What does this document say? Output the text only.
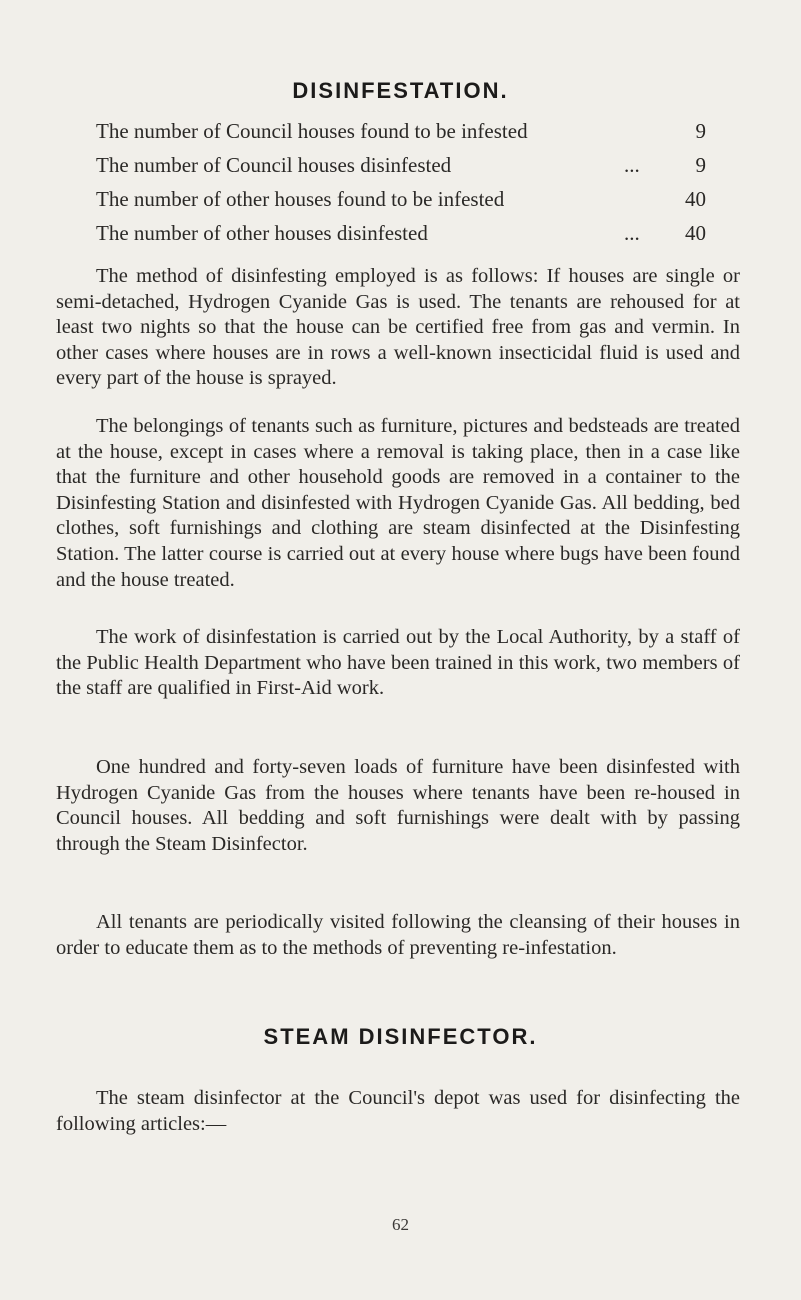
DISINFESTATION.
The number of Council houses found to be infested	9
The number of Council houses disinfested	...	9
The number of other houses found to be infested	40
The number of other houses disinfested	...	40

The method of disinfesting employed is as follows: If houses are single or semi-detached, Hydrogen Cyanide Gas is used. The tenants are rehoused for at least two nights so that the house can be certified free from gas and vermin. In other cases where houses are in rows a well-known insecticidal fluid is used and every part of the house is sprayed.

The belongings of tenants such as furniture, pictures and bedsteads are treated at the house, except in cases where a removal is taking place, then in a case like that the furniture and other household goods are removed in a container to the Disinfesting Station and disinfested with Hydrogen Cyanide Gas. All bedding, bed clothes, soft furnishings and clothing are steam disinfected at the Disinfesting Station. The latter course is carried out at every house where bugs have been found and the house treated.

The work of disinfestation is carried out by the Local Authority, by a staff of the Public Health Department who have been trained in this work, two members of the staff are qualified in First-Aid work.

One hundred and forty-seven loads of furniture have been disinfested with Hydrogen Cyanide Gas from the houses where tenants have been re-housed in Council houses. All bedding and soft furnishings were dealt with by passing through the Steam Disinfector.

All tenants are periodically visited following the cleansing of their houses in order to educate them as to the methods of preventing re-infestation.

STEAM DISINFECTOR.

The steam disinfector at the Council's depot was used for disinfecting the following articles:—

62
